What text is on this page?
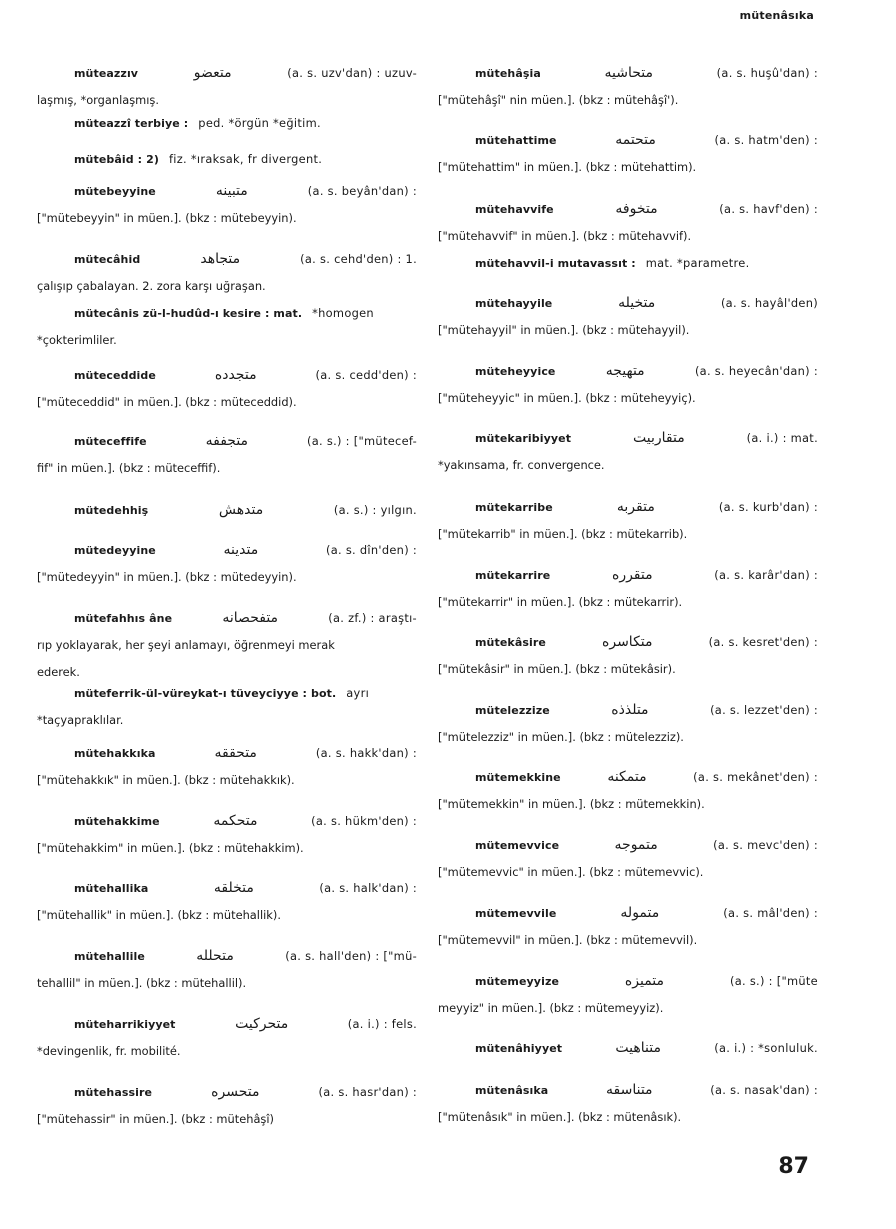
mütenâsıka
müteazzıv	متعضو	(a. s. uzv'dan) : uzuv-
laşmış, *organlaşmış.
müteazzî terbiye : ped. *örgün *eğitim.
mütebâid : 2) fiz. *ıraksak, fr divergent.
mütebeyyine	متبينه	(a. s. beyân'dan) :
["mütebeyyin" in müen.]. (bkz : mütebeyyin).
mütecâhid	متجاهد	(a. s. cehd'den) : 1.
çalışıp çabalayan. 2. zora karşı uğraşan.
mütecânis zü-l-hudûd-ı kesire : mat. *homogen
*çokterimliler.
müteceddide	متجدده	(a. s. cedd'den) :
["müteceddid" in müen.]. (bkz : müteceddid).
müteceffife	متجففه	(a. s.) : ["mütecef-
fif" in müen.]. (bkz : müteceffif).
mütedehhiş	متدهش	(a. s.) : yılgın.
mütedeyyine	متدينه	(a. s. dîn'den) :
["mütedeyyin" in müen.]. (bkz : mütedeyyin).
mütefahhıs âne	متفحصانه	(a. zf.) : araştı-
rıp yoklayarak, her şeyi anlamayı, öğrenmeyi merak
ederek.
müteferrik-ül-vüreykat-ı tüveyciyye : bot. ayrı
*taçyapraklılar.
mütehakkıka	متحققه	(a. s. hakk'dan) :
["mütehakkık" in müen.]. (bkz : mütehakkık).
mütehakkime	متحكمه	(a. s. hükm'den) :
["mütehakkim" in müen.]. (bkz : mütehakkim).
mütehallika	متخلقه	(a. s. halk'dan) :
["mütehallik" in müen.]. (bkz : mütehallik).
mütehallile	متحلله	(a. s. hall'den) : ["mü-
tehallil" in müen.]. (bkz : mütehallil).
müteharrikiyyet	متحركيت	(a. i.) : fels.
*devingenlik, fr. mobilité.
mütehassire	متحسره	(a. s. hasr'dan) :
["mütehassir" in müen.]. (bkz : mütehâşî)
mütehâşia	متحاشيه	(a. s. huşû'dan) :
["mütehâşî" nin müen.]. (bkz : mütehâşî').
mütehattime	متحتمه	(a. s. hatm'den) :
["mütehattim" in müen.]. (bkz : mütehattim).
mütehavvife	متخوفه	(a. s. havf'den) :
["mütehavvif" in müen.]. (bkz : mütehavvif).
mütehavvil-i mutavassıt : mat. *parametre.
mütehayyile	متخيله	(a. s. hayâl'den)
["mütehayyil" in müen.]. (bkz : mütehayyil).
müteheyyice	متهيجه	(a. s. heyecân'dan) :
["müteheyyic" in müen.]. (bkz : müteheyyiç).
mütekaribiyyet	متقاربيت	(a. i.) : mat.
*yakınsama, fr. convergence.
mütekarribe	متقربه	(a. s. kurb'dan) :
["mütekarrib" in müen.]. (bkz : mütekarrib).
mütekarrire	متقرره	(a. s. karâr'dan) :
["mütekarrir" in müen.]. (bkz : mütekarrir).
mütekâsire	متكاسره	(a. s. kesret'den) :
["mütekâsir" in müen.]. (bkz : mütekâsir).
mütelezzize	متلذذه	(a. s. lezzet'den) :
["mütelezziz" in müen.]. (bkz : mütelezziz).
mütemekkine	متمكنه	(a. s. mekânet'den) :
["mütemekkin" in müen.]. (bkz : mütemekkin).
mütemevvice	متموجه	(a. s. mevc'den) :
["mütemevvic" in müen.]. (bkz : mütemevvic).
mütemevvile	متموله	(a. s. mâl'den) :
["mütemevvil" in müen.]. (bkz : mütemevvil).
mütemeyyize	متميزه	(a. s.) : ["müte
meyyiz" in müen.]. (bkz : mütemeyyiz).
mütenâhiyyet	متناهيت	(a. i.) : *sonluluk.
mütenâsıka	متناسقه	(a. s. nasak'dan) :
["mütenâsık" in müen.]. (bkz : mütenâsık).
87
